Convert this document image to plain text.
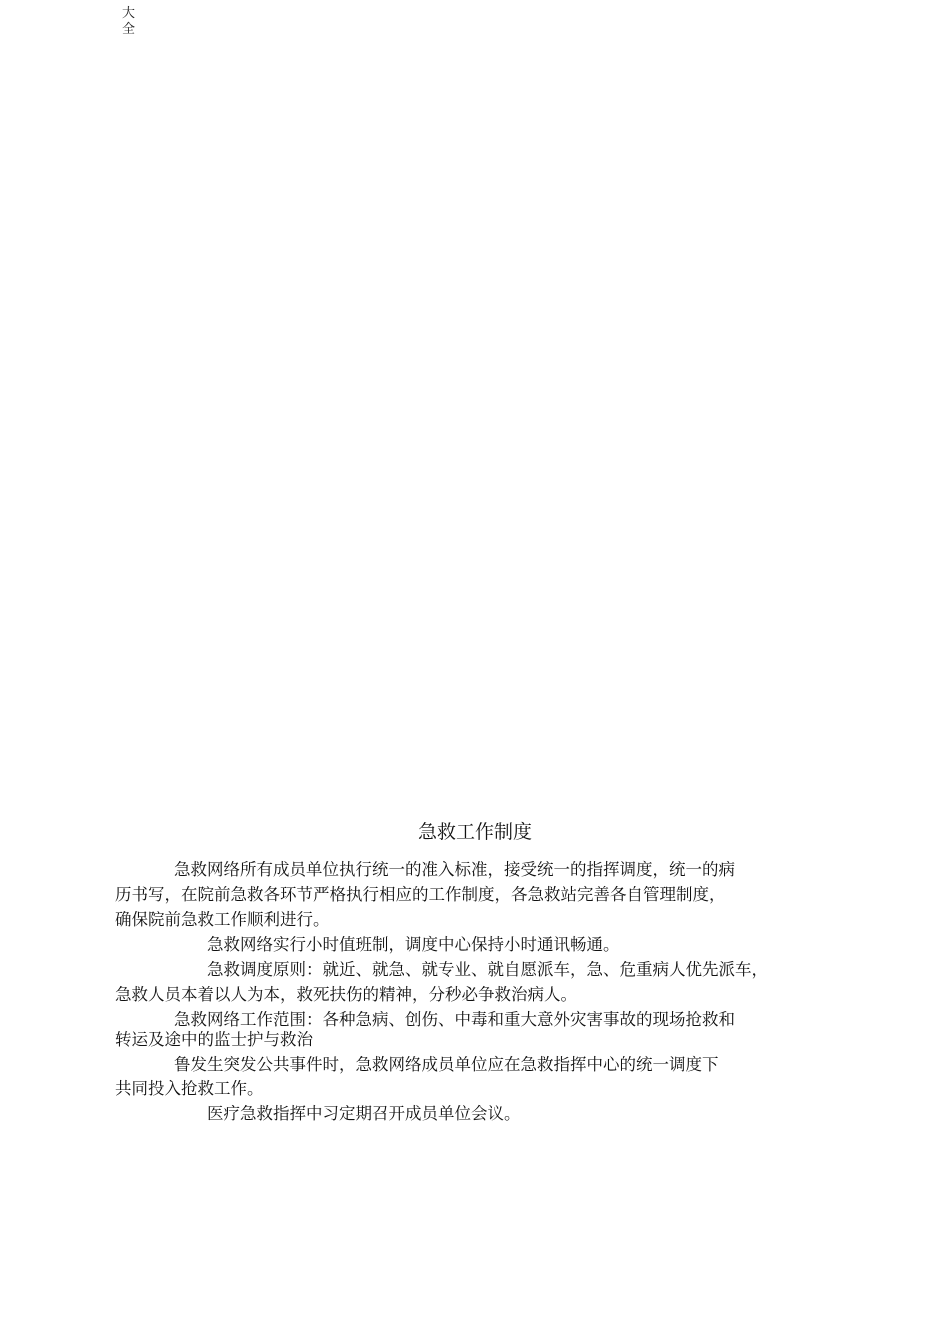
大
全
急救工作制度
急救网络所有成员单位执行统一的准入标准，接受统一的指挥调度，统一的病
历书写，在院前急救各环节严格执行相应的工作制度，各急救站完善各自管理制度，
确保院前急救工作顺利进行。
急救网络实行小时值班制，调度中心保持小时通讯畅通。
急救调度原则：就近、就急、就专业、就自愿派车，急、危重病人优先派车，
急救人员本着以人为本，救死扶伤的精神，分秒必争救治病人。
急救网络工作范围：各种急病、创伤、中毒和重大意外灾害事故的现场抢救和
转运及途中的监士护与救治
鲁发生突发公共事件时，急救网络成员单位应在急救指挥中心的统一调度下
共同投入抢救工作。
医疗急救指挥中习定期召开成员单位会议。
